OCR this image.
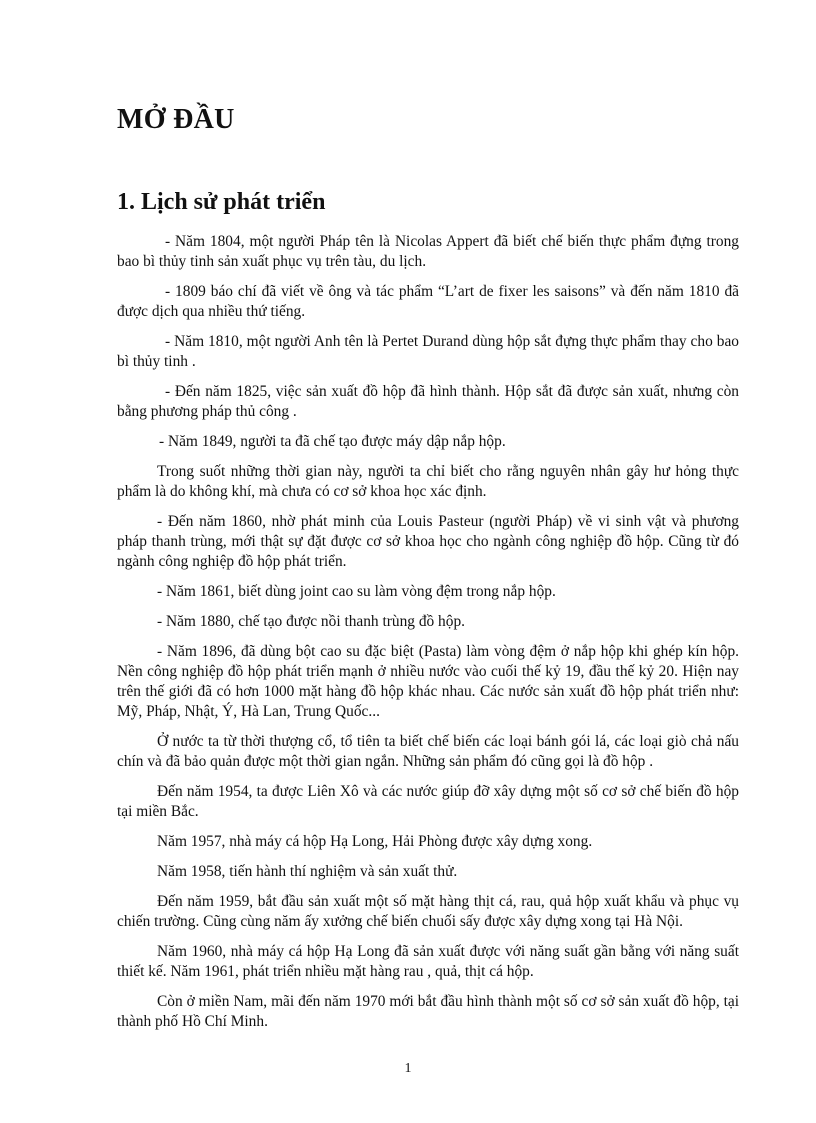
MỞ ĐẦU
1. Lịch sử phát triển

- Năm 1804, một người Pháp tên là Nicolas Appert đã biết chế biến thực phẩm đựng trong bao bì thủy tinh sản xuất phục vụ trên tàu, du lịch.

- 1809 báo chí đã viết về ông và tác phẩm “L’art de fixer les saisons” và đến năm 1810 đã được dịch qua nhiều thứ tiếng.

- Năm 1810, một người Anh tên là Pertet Durand dùng hộp sắt đựng thực phẩm thay cho bao bì thủy tinh .

- Đến năm 1825, việc sản xuất đồ hộp đã hình thành. Hộp sắt đã được sản xuất, nhưng còn bằng phương pháp thủ công .

- Năm 1849, người ta đã chế tạo được máy dập nắp hộp.

Trong suốt những thời gian này, người ta chỉ biết cho rằng nguyên nhân gây hư hỏng thực phẩm là do không khí, mà chưa có cơ sở khoa học xác định.

- Đến năm 1860, nhờ phát minh của Louis Pasteur (người Pháp) về vi sinh vật và phương pháp thanh trùng, mới thật sự đặt được cơ sở khoa học cho ngành công nghiệp đồ hộp. Cũng từ đó ngành công nghiệp đồ hộp phát triển.

- Năm 1861, biết dùng joint cao su làm vòng đệm trong nắp hộp.

- Năm 1880, chế tạo được nồi thanh trùng đồ hộp.

- Năm 1896, đã dùng bột cao su đặc biệt (Pasta) làm vòng đệm ở nắp hộp khi ghép kín hộp. Nền công nghiệp đồ hộp phát triển mạnh ở nhiều nước vào cuối thế kỷ 19, đầu thế kỷ 20. Hiện nay trên thế giới đã có hơn 1000 mặt hàng đồ hộp khác nhau. Các nước sản xuất đồ hộp phát triển như: Mỹ, Pháp, Nhật, Ý, Hà Lan, Trung Quốc...

Ở nước ta từ thời thượng cổ, tổ tiên ta biết chế biến các loại bánh gói lá, các loại giò chả nấu chín và đã bảo quản được một thời gian ngắn. Những sản phẩm đó cũng gọi là đồ hộp .

Đến năm 1954, ta được Liên Xô và các nước giúp đỡ xây dựng một số cơ sở chế biến đồ hộp tại miền Bắc.

Năm 1957, nhà máy cá hộp Hạ Long, Hải Phòng được xây dựng xong.

Năm 1958, tiến hành thí nghiệm và sản xuất thử.

Đến năm 1959, bắt đầu sản xuất một số mặt hàng thịt cá, rau, quả hộp xuất khẩu và phục vụ chiến trường. Cũng cùng năm ấy xưởng chế biến chuối sấy được xây dựng xong tại Hà Nội.

Năm 1960, nhà máy cá hộp Hạ Long đã sản xuất được với năng suất gần bằng với năng suất thiết kế. Năm 1961, phát triển nhiều mặt hàng rau , quả, thịt cá hộp.

Còn ở miền Nam, mãi đến năm 1970 mới bắt đầu hình thành một số cơ sở sản xuất đồ hộp, tại thành phố Hồ Chí Minh.

1
